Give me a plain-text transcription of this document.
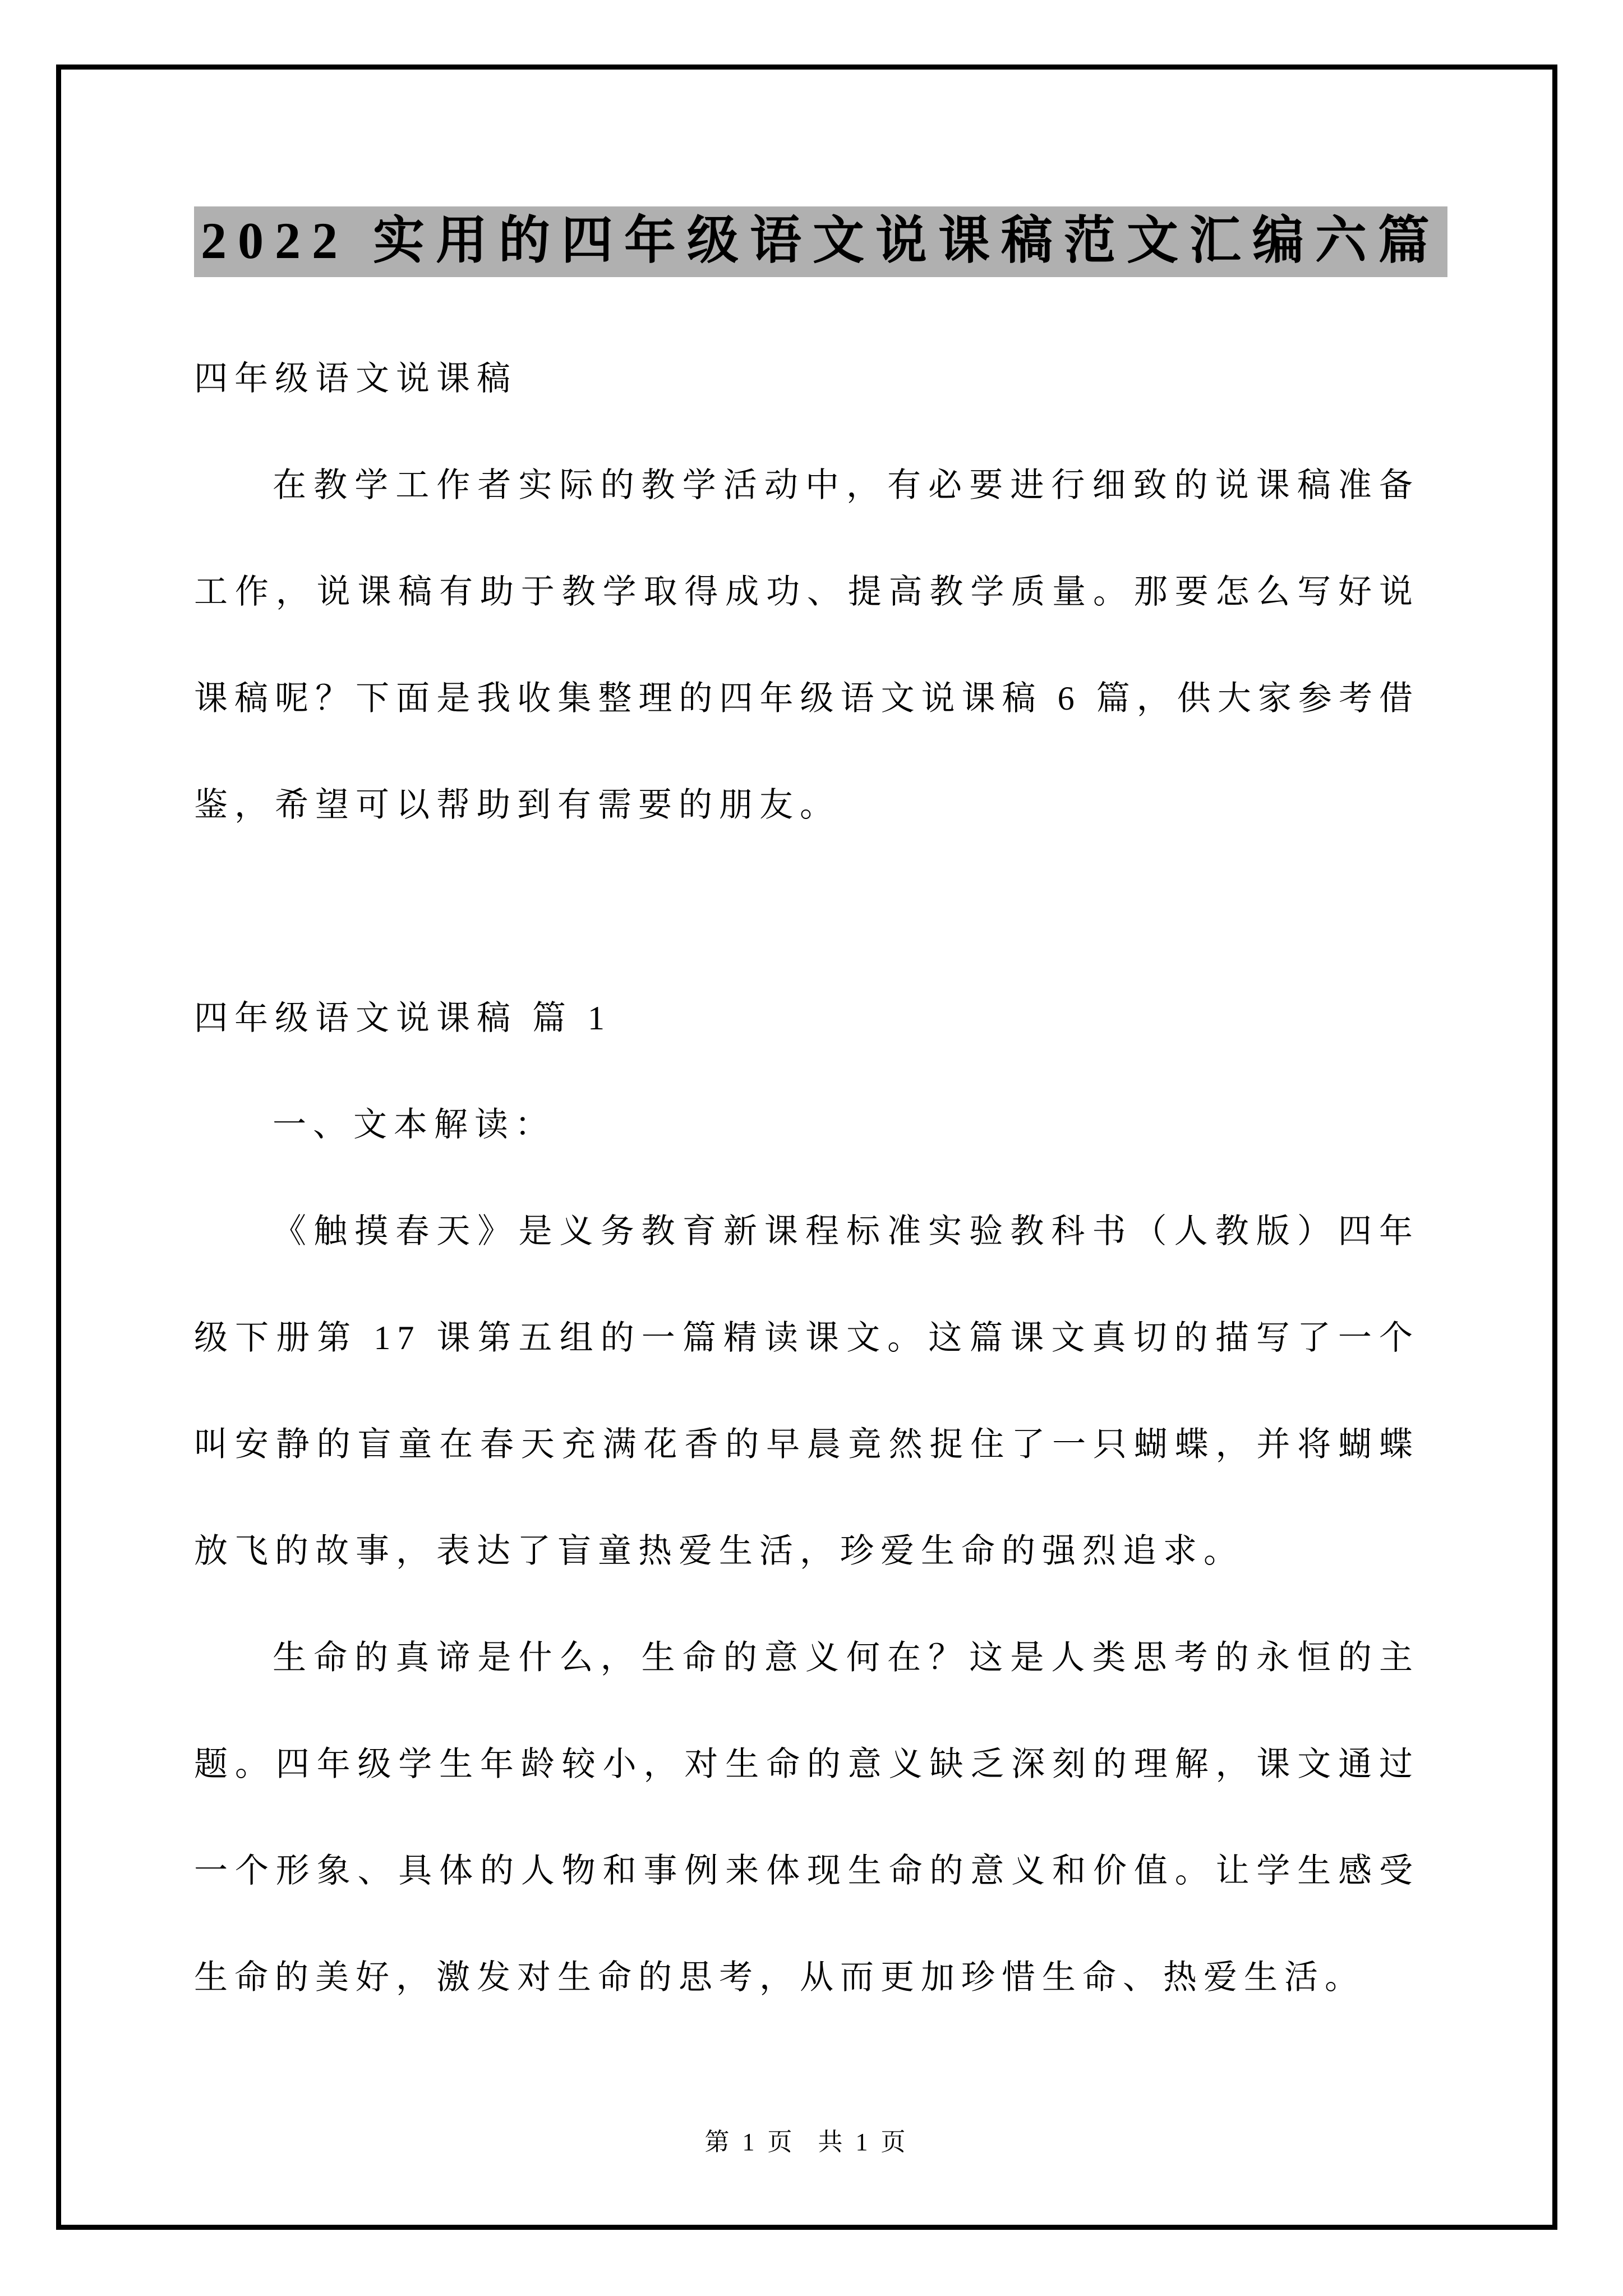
2022 实用的四年级语文说课稿范文汇编六篇

四年级语文说课稿

在教学工作者实际的教学活动中，有必要进行细致的说课稿准备工作，说课稿有助于教学取得成功、提高教学质量。那要怎么写好说课稿呢？下面是我收集整理的四年级语文说课稿 6 篇，供大家参考借鉴，希望可以帮助到有需要的朋友。

四年级语文说课稿 篇 1

一、文本解读：

《触摸春天》是义务教育新课程标准实验教科书（人教版）四年级下册第 17 课第五组的一篇精读课文。这篇课文真切的描写了一个叫安静的盲童在春天充满花香的早晨竟然捉住了一只蝴蝶，并将蝴蝶放飞的故事，表达了盲童热爱生活，珍爱生命的强烈追求。

生命的真谛是什么，生命的意义何在？这是人类思考的永恒的主题。四年级学生年龄较小，对生命的意义缺乏深刻的理解，课文通过一个形象、具体的人物和事例来体现生命的意义和价值。让学生感受生命的美好，激发对生命的思考，从而更加珍惜生命、热爱生活。

第 1 页 共 1 页
